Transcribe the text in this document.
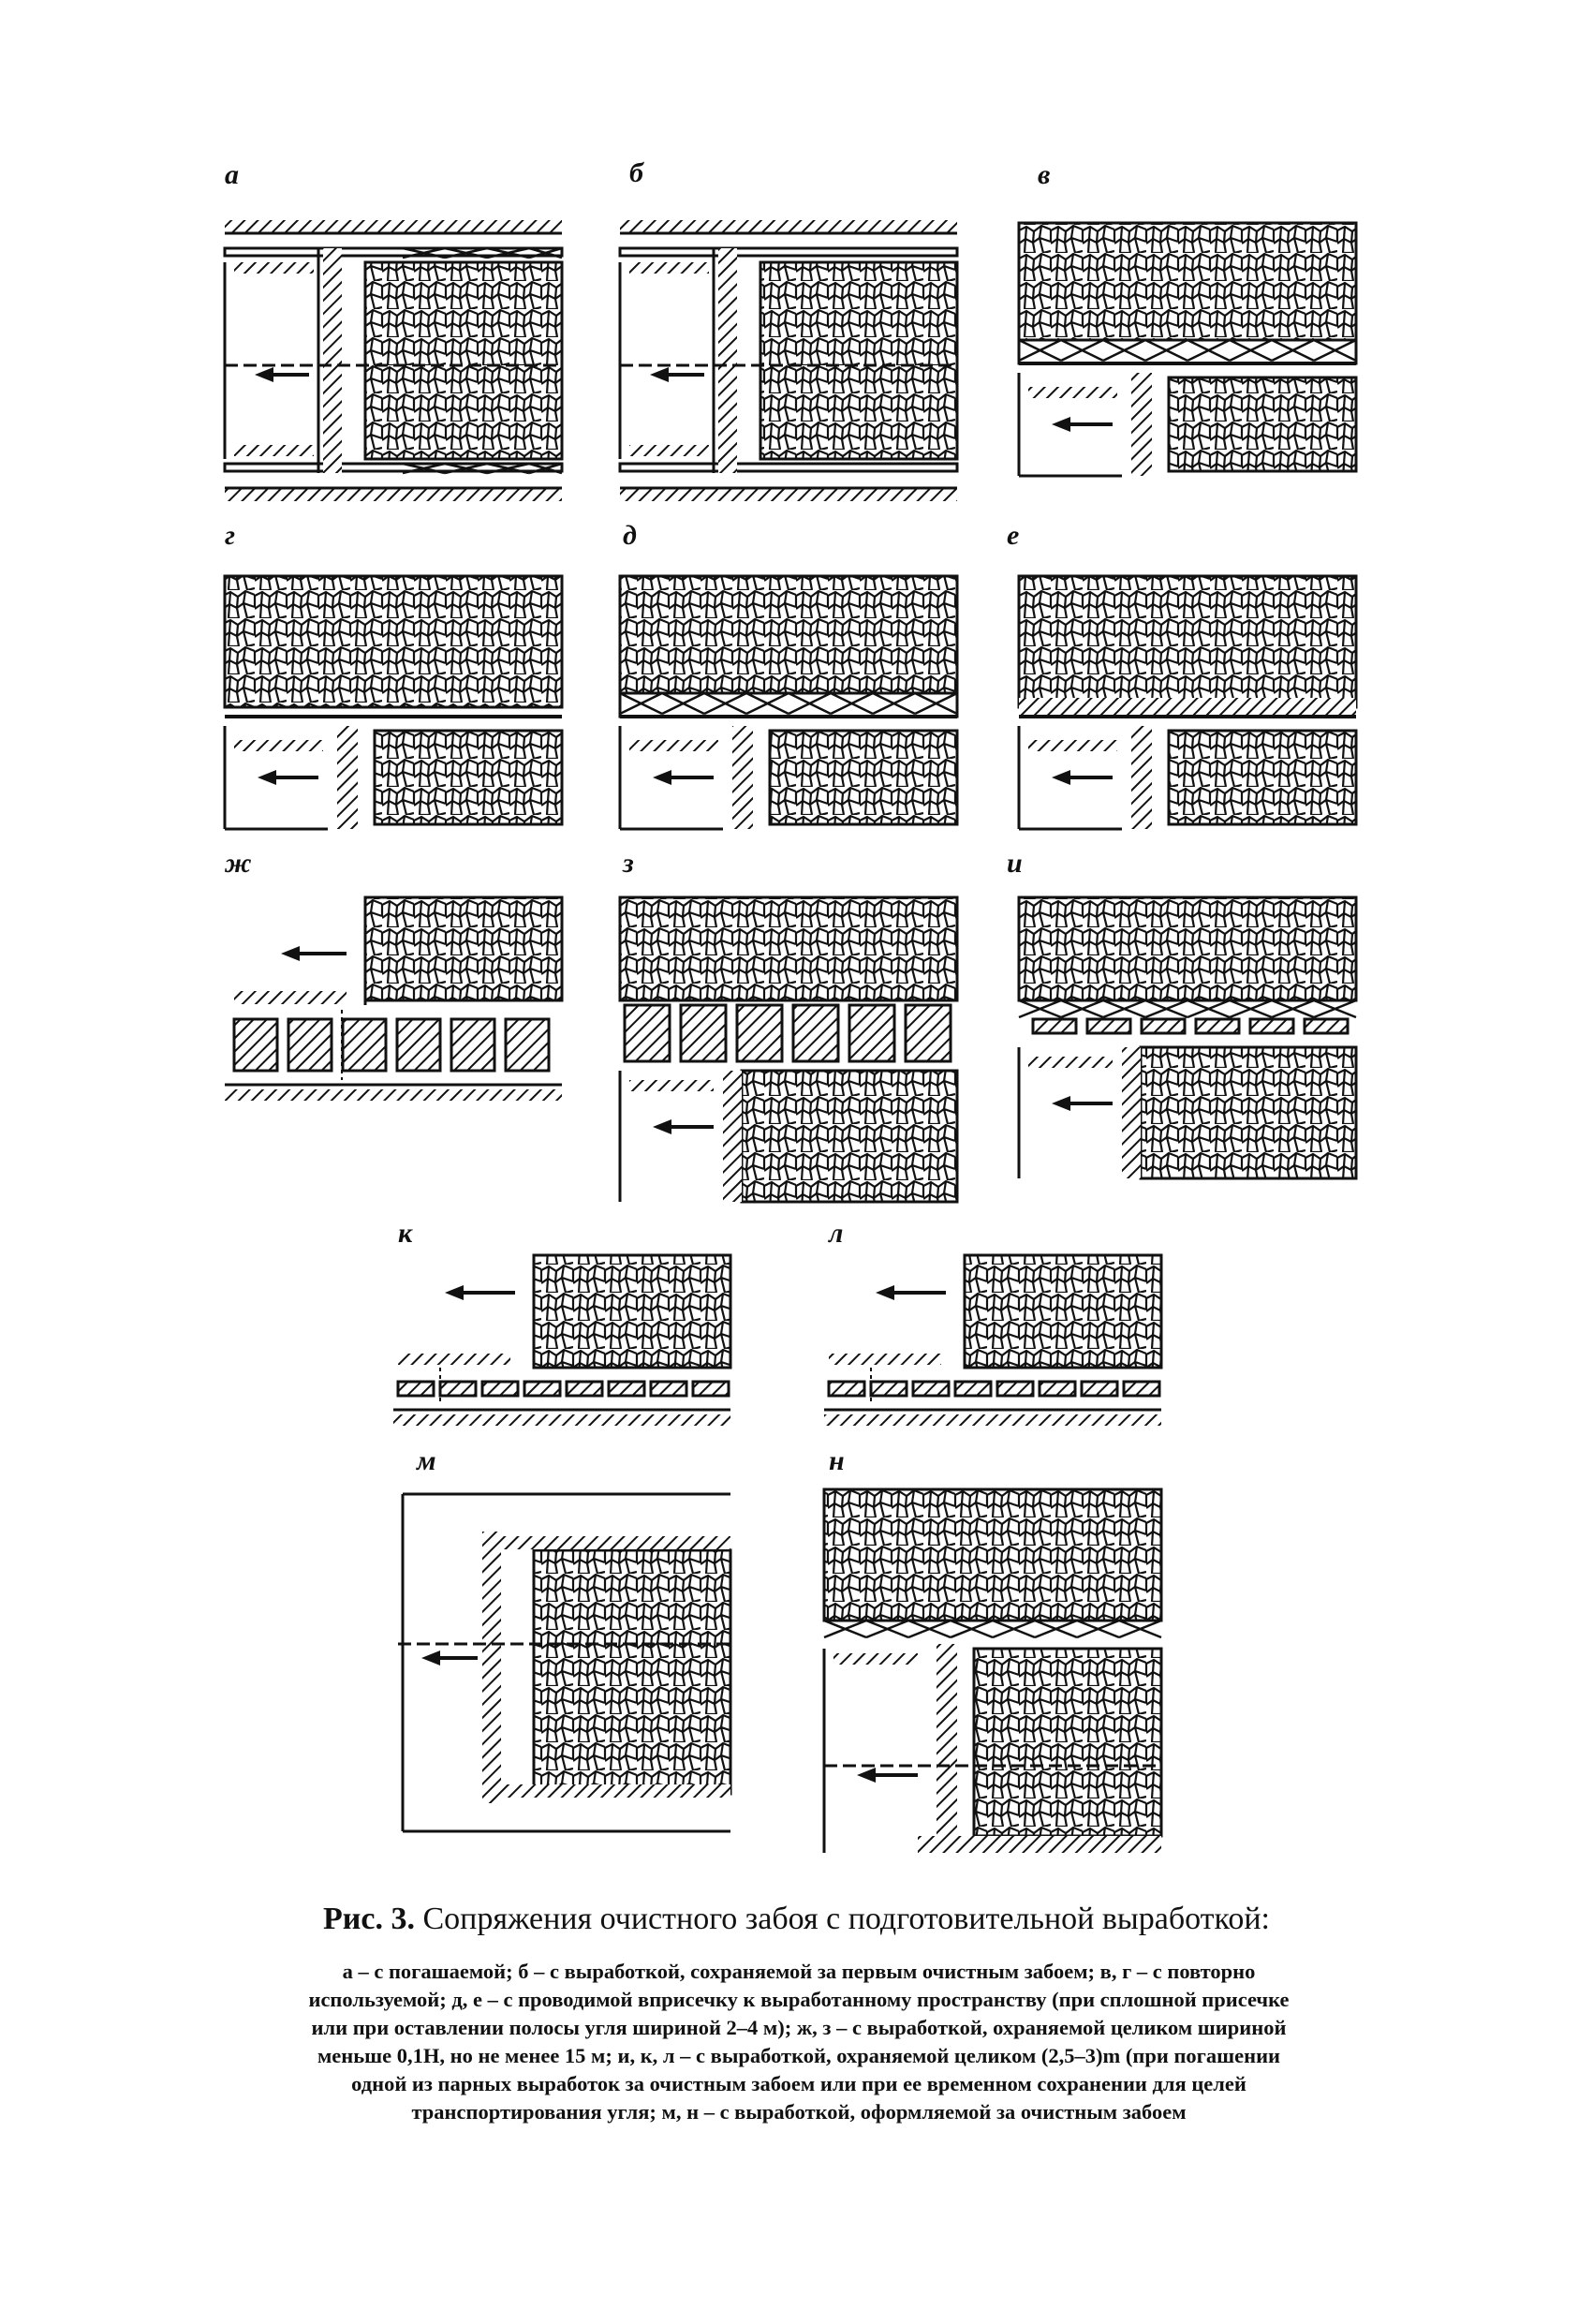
а	б	в
г	д	е
ж	з	и
к	л
м	н
Рис. 3. Сопряжения очистного забоя с подготовительной выработкой:
а – с погашаемой; б – с выработкой, сохраняемой за первым очистным забоем; в, г – с повторно используемой; д, е – с проводимой вприсечку к выработанному пространству (при сплошной присечке или при оставлении полосы угля шириной 2–4 м); ж, з – с выработкой, охраняемой целиком шириной меньше 0,1H, но не менее 15 м; и, к, л – с выработкой, охраняемой целиком (2,5–3)m (при погашении одной из парных выработок за очистным забоем или при ее временном сохранении для целей транспортирования угля; м, н – с выработкой, оформляемой за очистным забоем
